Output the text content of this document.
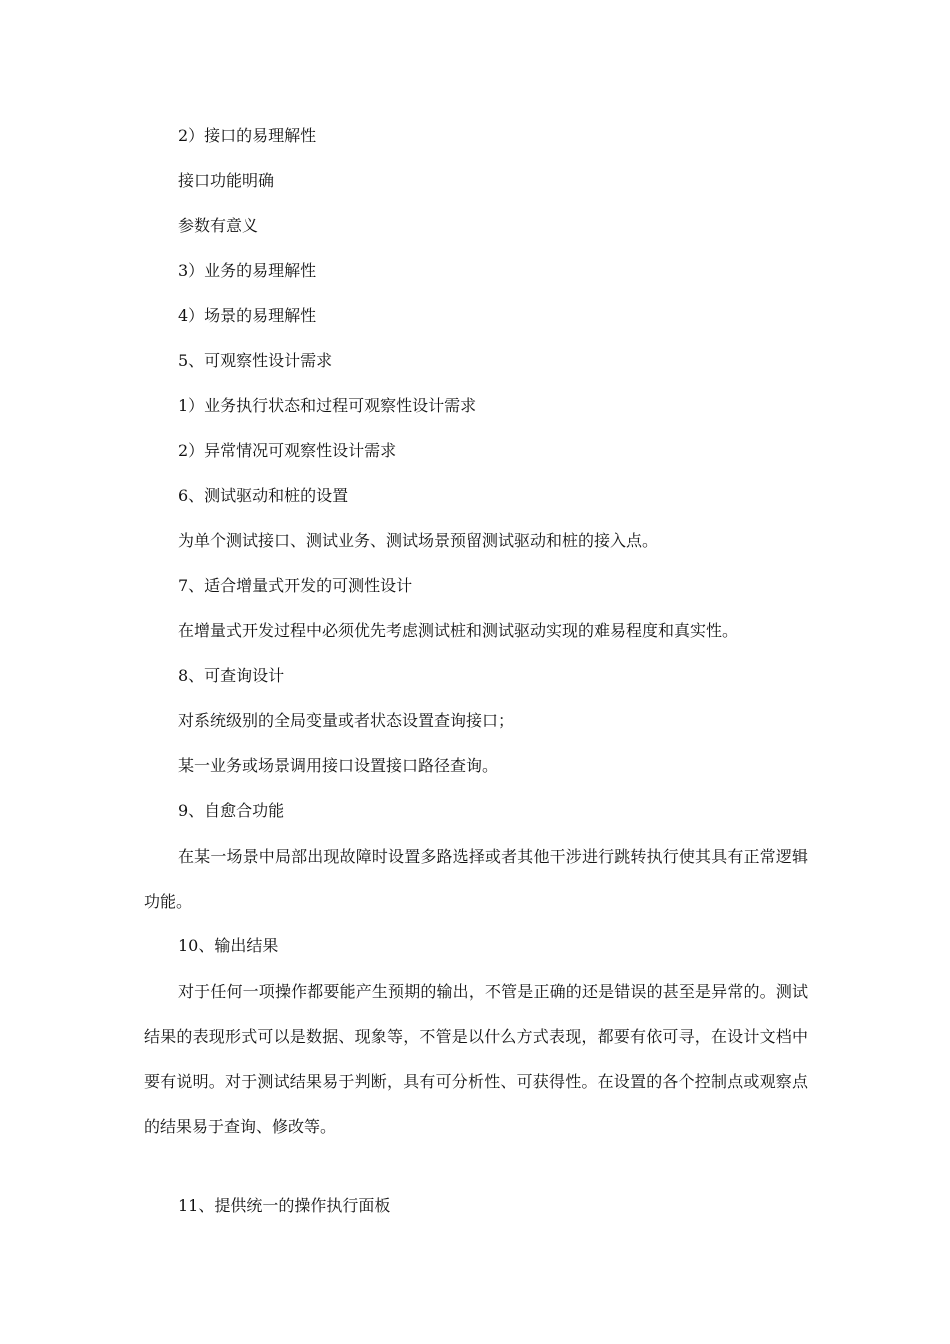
2）接口的易理解性
接口功能明确
参数有意义
3）业务的易理解性
4）场景的易理解性
5、可观察性设计需求
1）业务执行状态和过程可观察性设计需求
2）异常情况可观察性设计需求
6、测试驱动和桩的设置
为单个测试接口、测试业务、测试场景预留测试驱动和桩的接入点。
7、适合增量式开发的可测性设计
在增量式开发过程中必须优先考虑测试桩和测试驱动实现的难易程度和真实性。
8、可查询设计
对系统级别的全局变量或者状态设置查询接口；
某一业务或场景调用接口设置接口路径查询。
9、自愈合功能
在某一场景中局部出现故障时设置多路选择或者其他干涉进行跳转执行使其具有正常逻辑功能。
10、输出结果
对于任何一项操作都要能产生预期的输出，不管是正确的还是错误的甚至是异常的。测试结果的表现形式可以是数据、现象等，不管是以什么方式表现，都要有依可寻，在设计文档中要有说明。对于测试结果易于判断，具有可分析性、可获得性。在设置的各个控制点或观察点的结果易于查询、修改等。
11、提供统一的操作执行面板
